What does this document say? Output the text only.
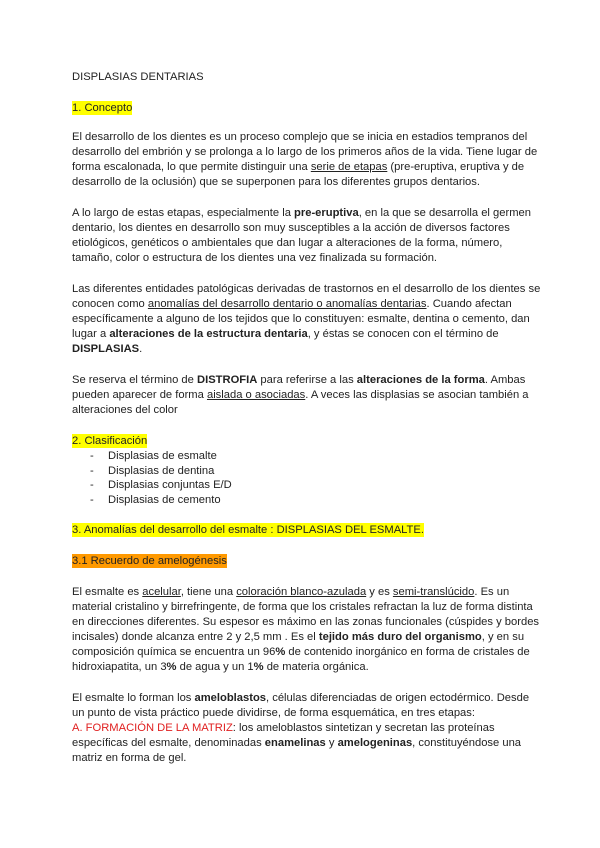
DISPLASIAS DENTARIAS

1. Concepto

El desarrollo de los dientes es un proceso complejo que se inicia en estadios tempranos del desarrollo del embrión y se prolonga a lo largo de los primeros años de la vida. Tiene lugar de forma escalonada, lo que permite distinguir una serie de etapas (pre-eruptiva, eruptiva y de desarrollo de la oclusión) que se superponen para los diferentes grupos dentarios.

A lo largo de estas etapas, especialmente la pre-eruptiva, en la que se desarrolla el germen dentario, los dientes en desarrollo son muy susceptibles a la acción de diversos factores etiológicos, genéticos o ambientales que dan lugar a alteraciones de la forma, número, tamaño, color o estructura de los dientes una vez finalizada su formación.

Las diferentes entidades patológicas derivadas de trastornos en el desarrollo de los dientes se conocen como anomalías del desarrollo dentario o anomalías dentarias. Cuando afectan específicamente a alguno de los tejidos que lo constituyen: esmalte, dentina o cemento, dan lugar a alteraciones de la estructura dentaria, y éstas se conocen con el término de DISPLASIAS.

Se reserva el término de DISTROFIA para referirse a las alteraciones de la forma. Ambas pueden aparecer de forma aislada o asociadas. A veces las displasias se asocian también a alteraciones del color

2. Clasificación

- Displasias de esmalte
- Displasias de dentina
- Displasias conjuntas E/D
- Displasias de cemento

3. Anomalías del desarrollo del esmalte : DISPLASIAS DEL ESMALTE.

3.1 Recuerdo de amelogénesis

El esmalte es acelular, tiene una coloración blanco-azulada y es semi-translúcido. Es un material cristalino y birrefringente, de forma que los cristales refractan la luz de forma distinta en direcciones diferentes. Su espesor es máximo en las zonas funcionales (cúspides y bordes incisales) donde alcanza entre 2 y 2,5 mm . Es el tejido más duro del organismo, y en su composición química se encuentra un 96% de contenido inorgánico en forma de cristales de hidroxiapatita, un 3% de agua y un 1% de materia orgánica.

El esmalte lo forman los ameloblastos, células diferenciadas de origen ectodérmico. Desde un punto de vista práctico puede dividirse, de forma esquemática, en tres etapas:
A. FORMACIÓN DE LA MATRIZ: los ameloblastos sintetizan y secretan las proteínas específicas del esmalte, denominadas enamelinas y amelogeninas, constituyéndose una matriz en forma de gel.
